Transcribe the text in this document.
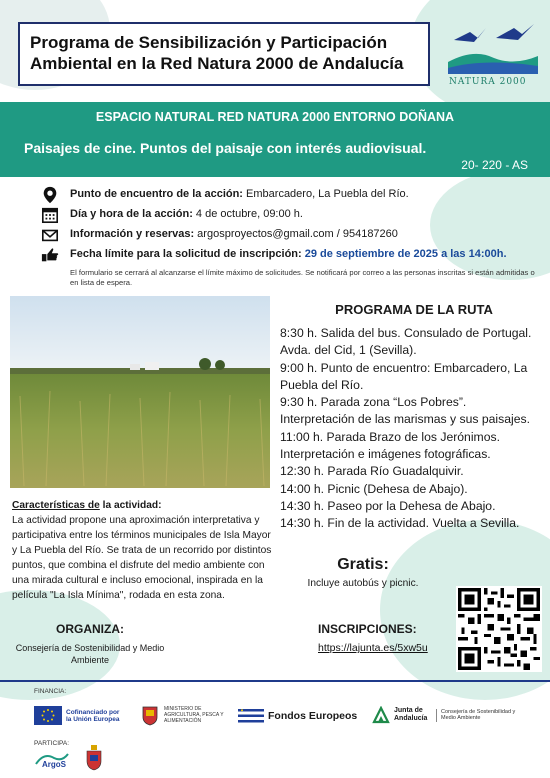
Programa de Sensibilización y Participación
Ambiental en la Red Natura 2000 de Andalucía
NATURA 2000
ESPACIO NATURAL RED NATURA 2000 ENTORNO DOÑANA
Paisajes de cine. Puntos del paisaje con interés audiovisual.
20- 220 - AS
Punto de encuentro de la acción: Embarcadero, La Puebla del Río.
Día y hora de la acción: 4 de octubre, 09:00 h.
Información y reservas: argosproyectos@gmail.com / 954187260
Fecha límite para la solicitud de inscripción: 29 de septiembre de 2025 a las 14:00h.
El formulario se cerrará al alcanzarse el límite máximo de solicitudes. Se notificará por correo a las personas inscritas si están admitidas o en lista de espera.
PROGRAMA DE LA RUTA
8:30 h. Salida del bus. Consulado de Portugal.
Avda. del Cid, 1 (Sevilla).
9:00 h. Punto de encuentro: Embarcadero, La
Puebla del Río.
9:30 h. Parada zona “Los Pobres”.
Interpretación de las marismas y sus paisajes.
11:00 h. Parada Brazo de los Jerónimos.
Interpretación e imágenes fotográficas.
12:30 h. Parada Río Guadalquivir.
14:00 h. Picnic (Dehesa de Abajo).
14:30 h. Paseo por la Dehesa de Abajo.
14:30 h. Fin de la actividad. Vuelta a Sevilla.
Características de la actividad:
La actividad propone una aproximación interpretativa y participativa entre los términos municipales de Isla Mayor y La Puebla del Río. Se trata de un recorrido por distintos puntos, que combina el disfrute del medio ambiente con una mirada cultural e incluso emocional, inspirada en la película "La Isla Mínima", rodada en esta zona.
Gratis:
Incluye autobús y picnic.
ORGANIZA:
Consejería de Sostenibilidad y Medio Ambiente
INSCRIPCIONES:
https://lajunta.es/5xw5u
FINANCIA:
Cofinanciado por la Unión Europea
MINISTERIO DE AGRICULTURA, PESCA Y ALIMENTACIÓN	Fondos Europeos	Junta de Andalucía
Consejería de Sostenibilidad y Medio Ambiente
PARTICIPA:
ArgoS
